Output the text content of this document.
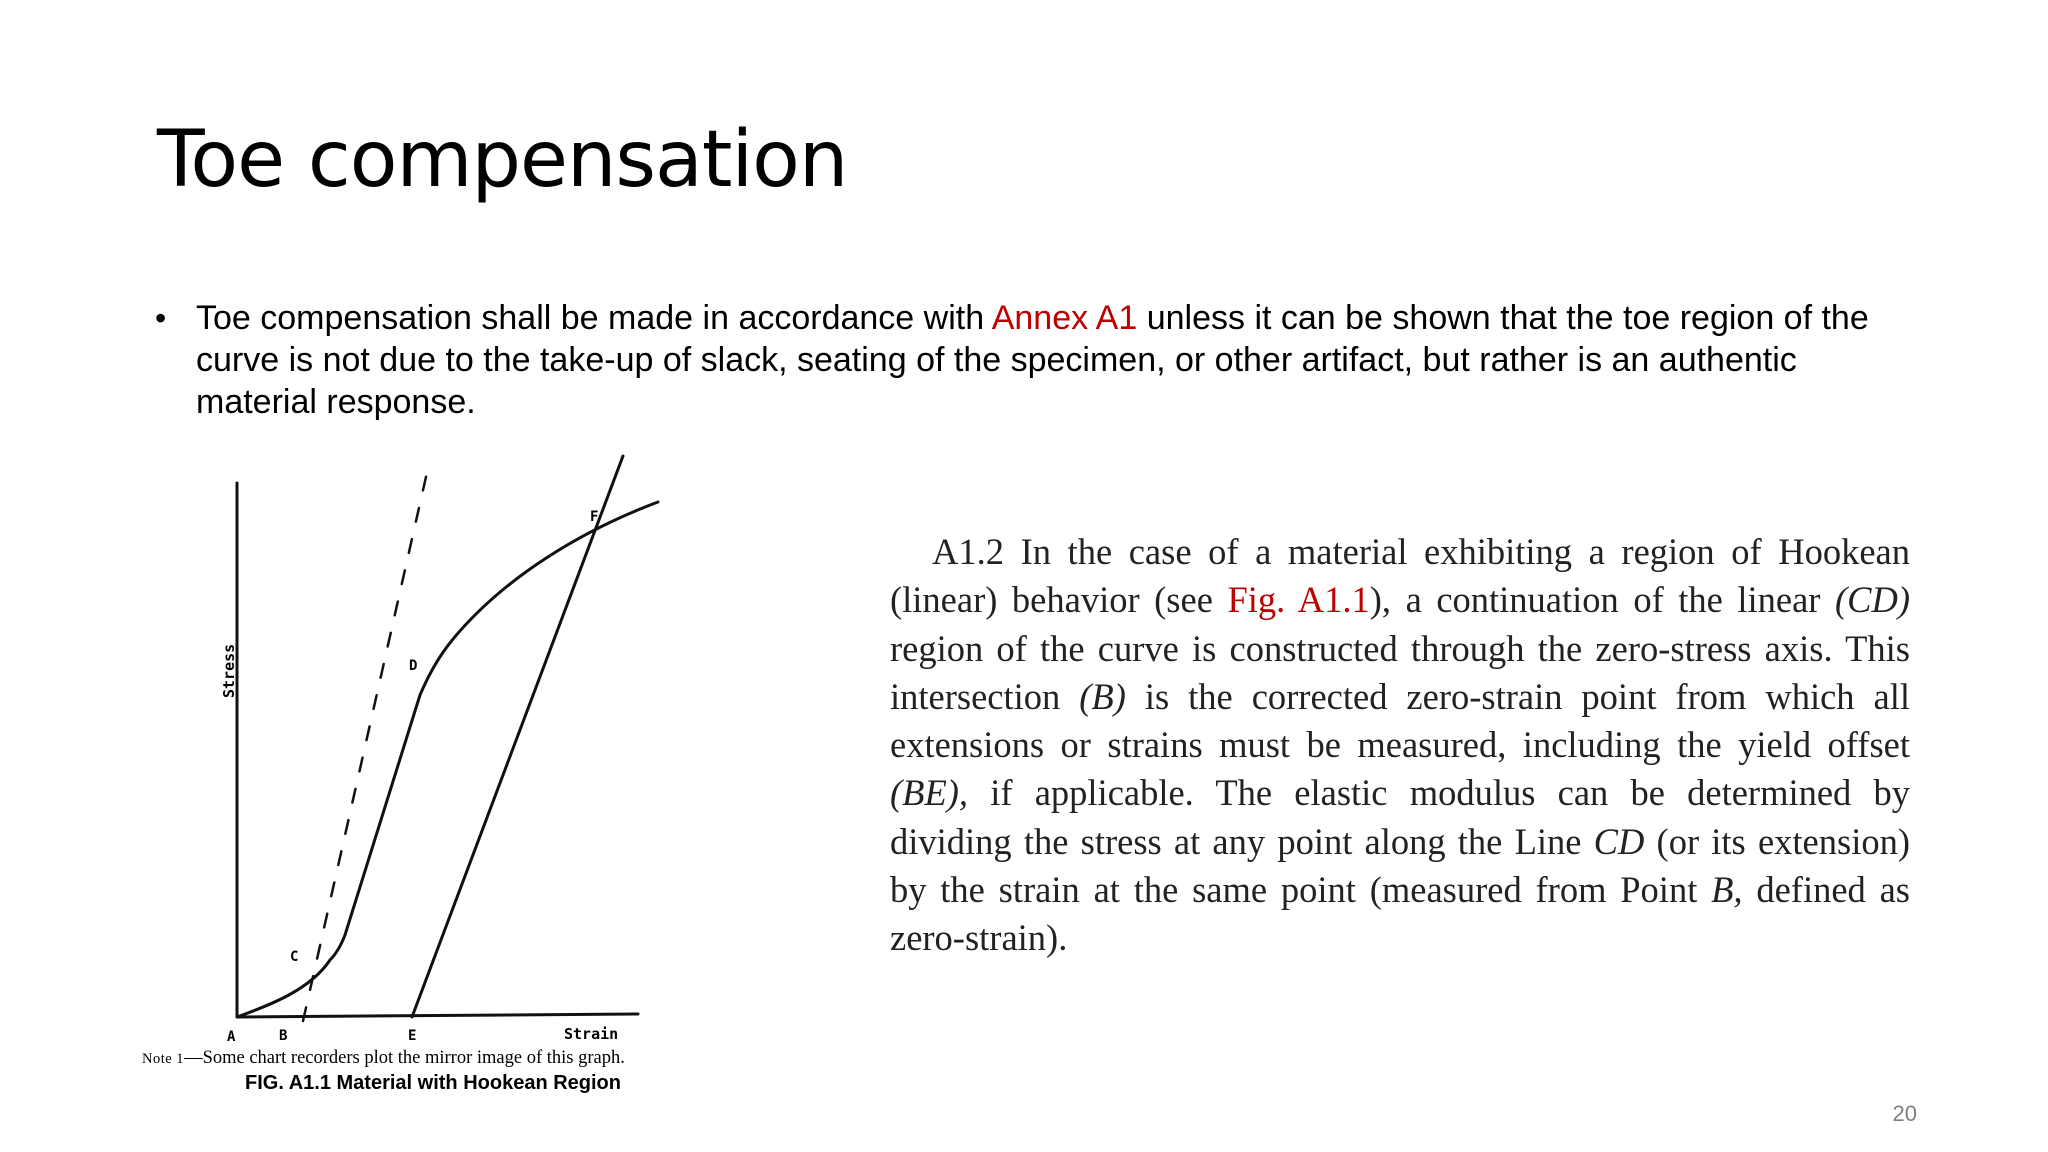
Toe compensation
• Toe compensation shall be made in accordance with Annex A1 unless it can be shown that the toe region of the curve is not due to the take-up of slack, seating of the specimen, or other artifact, but rather is an authentic material response.
Stress
Strain
A	B
C
D
E
F
Note 1—Some chart recorders plot the mirror image of this graph.
FIG. A1.1 Material with Hookean Region
A1.2 In the case of a material exhibiting a region of Hookean (linear) behavior (see Fig. A1.1), a continuation of the linear (CD) region of the curve is constructed through the zero-stress axis. This intersection (B) is the corrected zero-strain point from which all extensions or strains must be measured, including the yield offset (BE), if applicable. The elastic modulus can be determined by dividing the stress at any point along the Line CD (or its extension) by the strain at the same point (measured from Point B, defined as zero-strain).
20
